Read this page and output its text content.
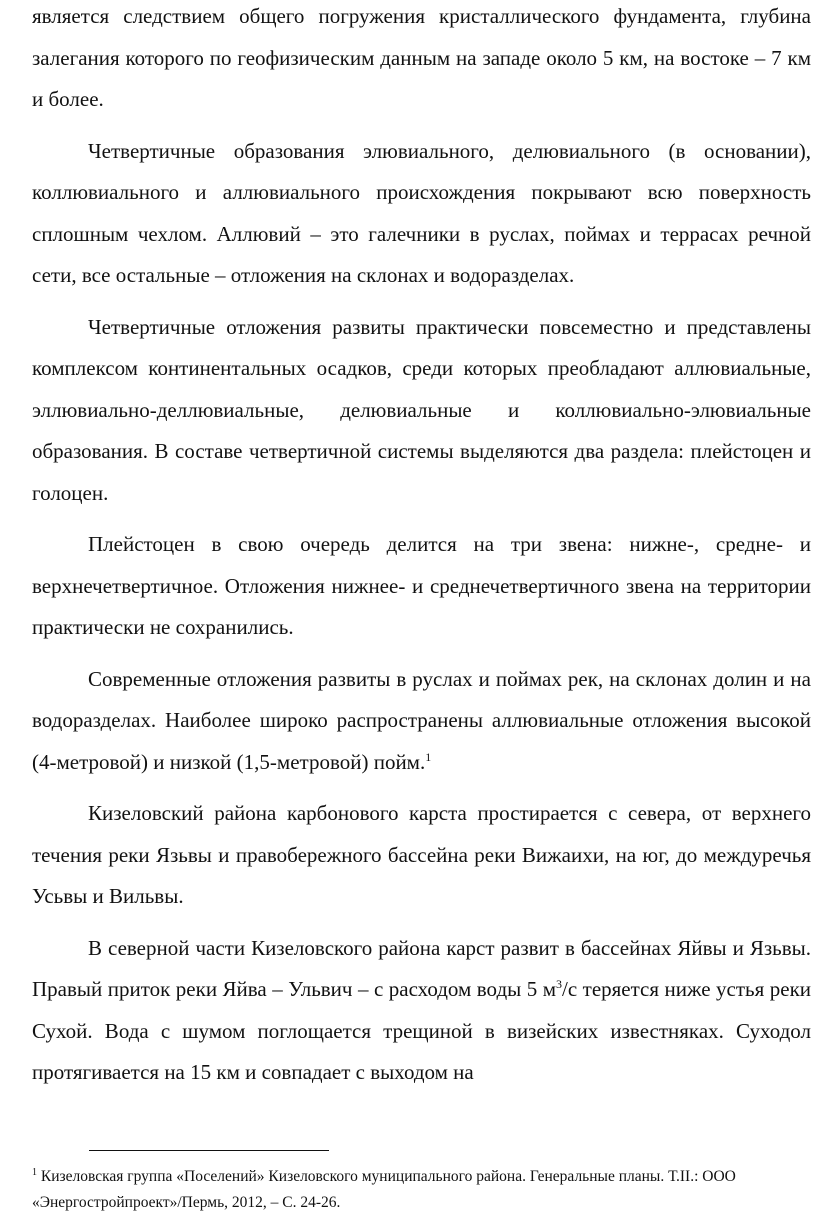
является следствием общего погружения кристаллического фундамента, глубина залегания которого по геофизическим данным на западе около 5 км, на востоке – 7 км и более.

Четвертичные образования элювиального, делювиального (в основании), коллювиального и аллювиального происхождения покрывают всю поверхность сплошным чехлом. Аллювий – это галечники в руслах, поймах и террасах речной сети, все остальные – отложения на склонах и водоразделах.

Четвертичные отложения развиты практически повсеместно и представлены комплексом континентальных осадков, среди которых преобладают аллювиальные, эллювиально-деллювиальные, делювиальные и коллювиально-элювиальные образования. В составе четвертичной системы выделяются два раздела: плейстоцен и голоцен.

Плейстоцен в свою очередь делится на три звена: нижне-, средне- и верхнечетвертичное. Отложения нижнее- и среднечетвертичного звена на территории практически не сохранились.

Современные отложения развиты в руслах и поймах рек, на склонах долин и на водоразделах. Наиболее широко распространены аллювиальные отложения высокой (4-метровой) и низкой (1,5-метровой) пойм.$^1$

Кизеловский района карбонового карста простирается с севера, от верхнего течения реки Язьвы и правобережного бассейна реки Вижаихи, на юг, до междуречья Усьвы и Вильвы.

В северной части Кизеловского района карст развит в бассейнах Яйвы и Язьвы. Правый приток реки Яйва – Ульвич – с расходом воды 5 $м^3/с$ теряется ниже устья реки Сухой. Вода с шумом поглощается трещиной в визейских известняках. Суходол протягивается на 15 км и совпадает с выходом на

$^1$ Кизеловская группа «Поселений» Кизеловского муниципального района. Генеральные планы. Т.II.: ООО «Энергостройпроект»/Пермь, 2012, – С. 24-26.
